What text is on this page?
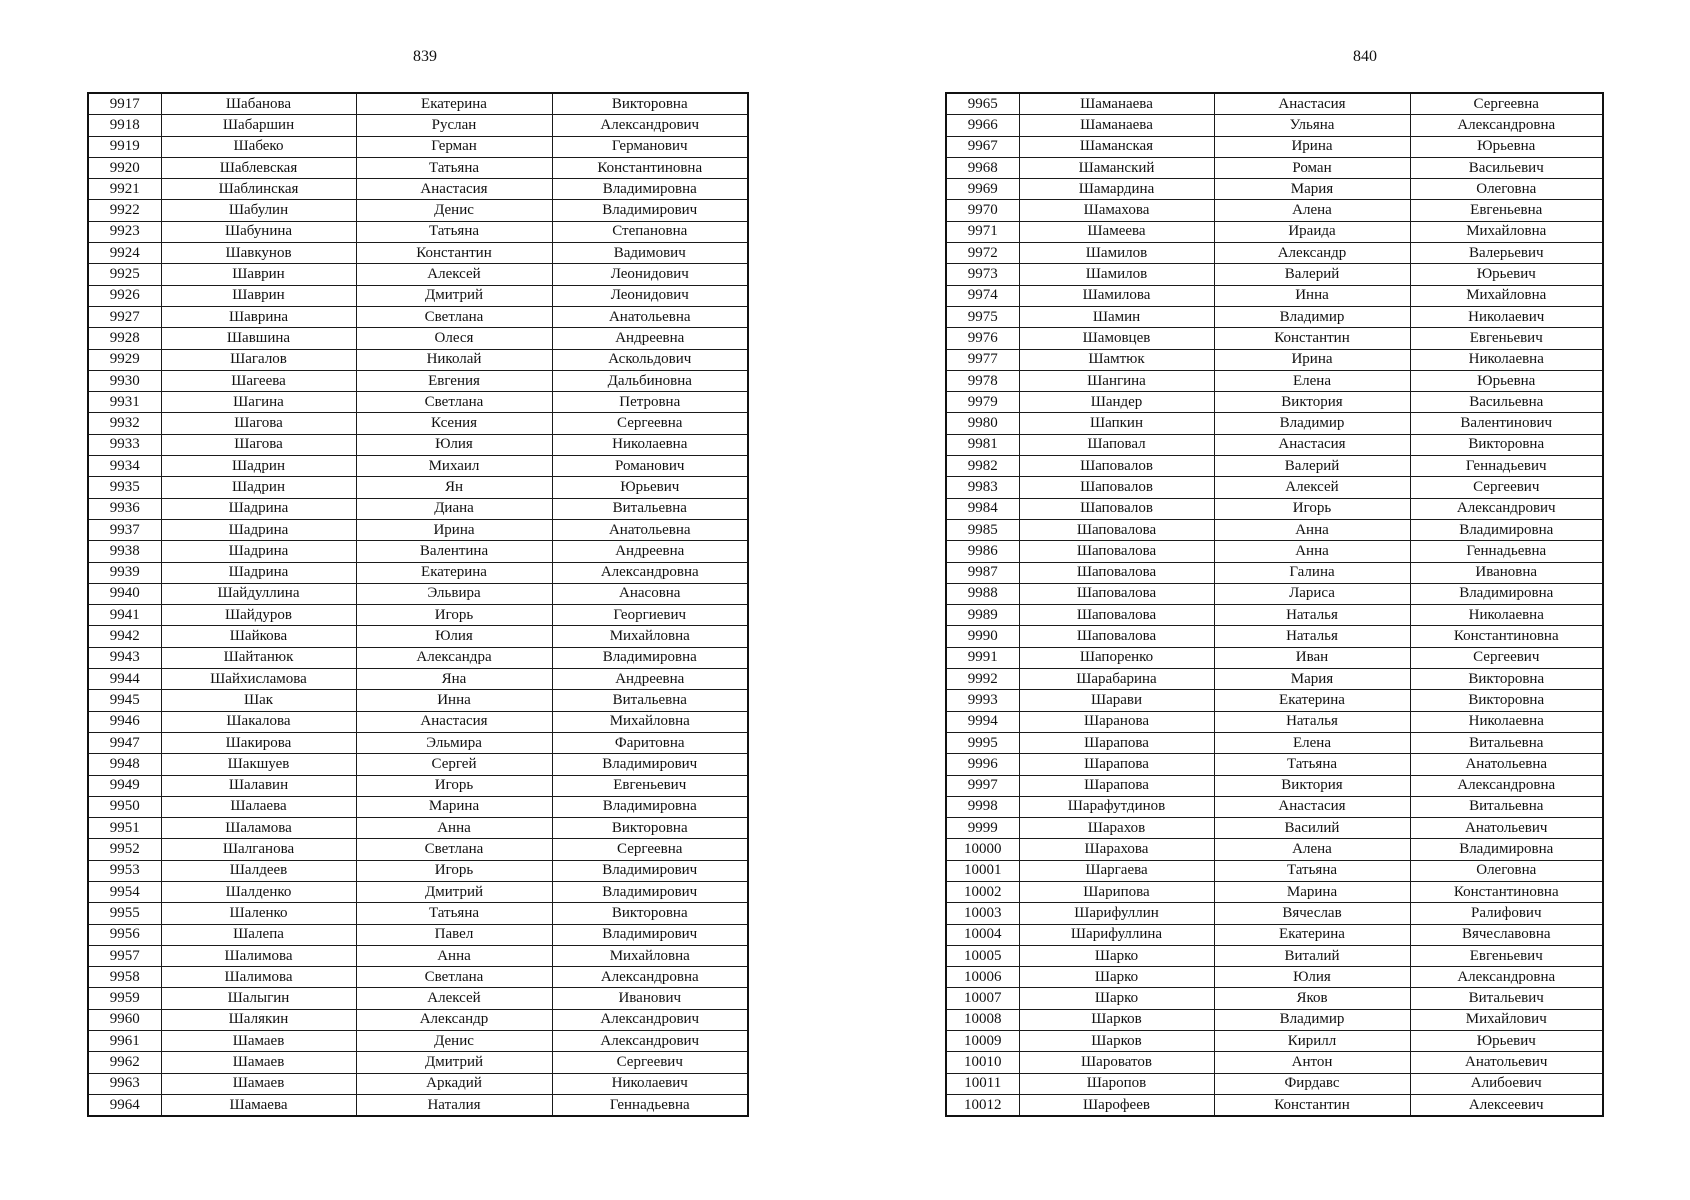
839
9917	Шабанова	Екатерина	Викторовна
9918	Шабаршин	Руслан	Александрович
9919	Шабеко	Герман	Германович
9920	Шаблевская	Татьяна	Константиновна
9921	Шаблинская	Анастасия	Владимировна
9922	Шабулин	Денис	Владимирович
9923	Шабунина	Татьяна	Степановна
9924	Шавкунов	Константин	Вадимович
9925	Шаврин	Алексей	Леонидович
9926	Шаврин	Дмитрий	Леонидович
9927	Шаврина	Светлана	Анатольевна
9928	Шавшина	Олеся	Андреевна
9929	Шагалов	Николай	Аскольдович
9930	Шагеева	Евгения	Дальбиновна
9931	Шагина	Светлана	Петровна
9932	Шагова	Ксения	Сергеевна
9933	Шагова	Юлия	Николаевна
9934	Шадрин	Михаил	Романович
9935	Шадрин	Ян	Юрьевич
9936	Шадрина	Диана	Витальевна
9937	Шадрина	Ирина	Анатольевна
9938	Шадрина	Валентина	Андреевна
9939	Шадрина	Екатерина	Александровна
9940	Шайдуллина	Эльвира	Анасовна
9941	Шайдуров	Игорь	Георгиевич
9942	Шайкова	Юлия	Михайловна
9943	Шайтанюк	Александра	Владимировна
9944	Шайхисламова	Яна	Андреевна
9945	Шак	Инна	Витальевна
9946	Шакалова	Анастасия	Михайловна
9947	Шакирова	Эльмира	Фаритовна
9948	Шакшуев	Сергей	Владимирович
9949	Шалавин	Игорь	Евгеньевич
9950	Шалаева	Марина	Владимировна
9951	Шаламова	Анна	Викторовна
9952	Шалганова	Светлана	Сергеевна
9953	Шалдеев	Игорь	Владимирович
9954	Шалденко	Дмитрий	Владимирович
9955	Шаленко	Татьяна	Викторовна
9956	Шалепа	Павел	Владимирович
9957	Шалимова	Анна	Михайловна
9958	Шалимова	Светлана	Александровна
9959	Шалыгин	Алексей	Иванович
9960	Шалякин	Александр	Александрович
9961	Шамаев	Денис	Александрович
9962	Шамаев	Дмитрий	Сергеевич
9963	Шамаев	Аркадий	Николаевич
9964	Шамаева	Наталия	Геннадьевна
840
9965	Шаманаева	Анастасия	Сергеевна
9966	Шаманаева	Ульяна	Александровна
9967	Шаманская	Ирина	Юрьевна
9968	Шаманский	Роман	Васильевич
9969	Шамардина	Мария	Олеговна
9970	Шамахова	Алена	Евгеньевна
9971	Шамеева	Ираида	Михайловна
9972	Шамилов	Александр	Валерьевич
9973	Шамилов	Валерий	Юрьевич
9974	Шамилова	Инна	Михайловна
9975	Шамин	Владимир	Николаевич
9976	Шамовцев	Константин	Евгеньевич
9977	Шамтюк	Ирина	Николаевна
9978	Шангина	Елена	Юрьевна
9979	Шандер	Виктория	Васильевна
9980	Шапкин	Владимир	Валентинович
9981	Шаповал	Анастасия	Викторовна
9982	Шаповалов	Валерий	Геннадьевич
9983	Шаповалов	Алексей	Сергеевич
9984	Шаповалов	Игорь	Александрович
9985	Шаповалова	Анна	Владимировна
9986	Шаповалова	Анна	Геннадьевна
9987	Шаповалова	Галина	Ивановна
9988	Шаповалова	Лариса	Владимировна
9989	Шаповалова	Наталья	Николаевна
9990	Шаповалова	Наталья	Константиновна
9991	Шапоренко	Иван	Сергеевич
9992	Шарабарина	Мария	Викторовна
9993	Шарави	Екатерина	Викторовна
9994	Шаранова	Наталья	Николаевна
9995	Шарапова	Елена	Витальевна
9996	Шарапова	Татьяна	Анатольевна
9997	Шарапова	Виктория	Александровна
9998	Шарафутдинов	Анастасия	Витальевна
9999	Шарахов	Василий	Анатольевич
10000	Шарахова	Алена	Владимировна
10001	Шаргаева	Татьяна	Олеговна
10002	Шарипова	Марина	Константиновна
10003	Шарифуллин	Вячеслав	Ралифович
10004	Шарифуллина	Екатерина	Вячеславовна
10005	Шарко	Виталий	Евгеньевич
10006	Шарко	Юлия	Александровна
10007	Шарко	Яков	Витальевич
10008	Шарков	Владимир	Михайлович
10009	Шарков	Кирилл	Юрьевич
10010	Шароватов	Антон	Анатольевич
10011	Шаропов	Фирдавс	Алибоевич
10012	Шарофеев	Константин	Алексеевич
